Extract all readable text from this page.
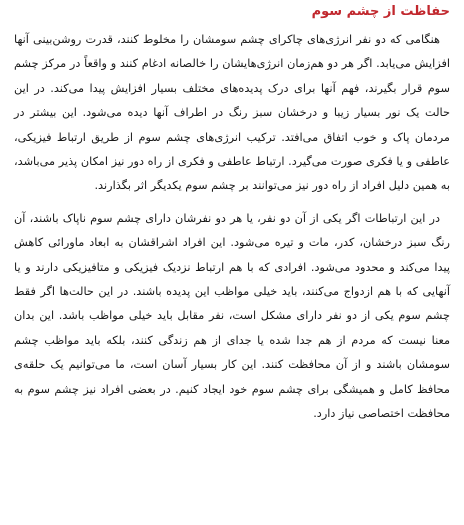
حفاظت از چشم سوم

هنگامی که دو نفر انرژی‌های چاکرای چشم سومشان را مخلوط کنند، قدرت روشن‌بینی آنها افزایش می‌یابد. اگر هر دو هم‌زمان انرژی‌هایشان را خالصانه ادغام کنند و واقعاً در مرکز چشم سوم قرار بگیرند، فهم آنها برای درک پدیده‌های مختلف بسیار افزایش پیدا می‌کند. در این حالت یک نور بسیار زیبا و درخشان سبز رنگ در اطراف آنها دیده می‌شود. این بیشتر در مردمان پاک و خوب اتفاق می‌افتد. ترکیب انرژی‌های چشم سوم از طریق ارتباط فیزیکی، عاطفی و یا فکری صورت می‌گیرد. ارتباط عاطفی و فکری از راه دور نیز امکان پذیر می‌باشد، به همین دلیل افراد از راه دور نیز می‌توانند بر چشم سوم یکدیگر اثر بگذارند.

در این ارتباطات اگر یکی از آن دو نفر، یا هر دو نفرشان دارای چشم سوم ناپاک باشند، آن رنگ سبز درخشان، کدر، مات و تیره می‌شود. این افراد اشراقشان به ابعاد ماورائی کاهش پیدا می‌کند و محدود می‌شود. افرادی که با هم ارتباط نزدیک فیزیکی و متافیزیکی دارند و یا آنهایی که با هم ازدواج می‌کنند، باید خیلی مواظب این پدیده باشند. در این حالت‌ها اگر فقط چشم سوم یکی از دو نفر دارای مشکل است، نفر مقابل باید خیلی مواظب باشد. این بدان معنا نیست که مردم از هم جدا شده یا جدای از هم زندگی کنند، بلکه باید مواظب چشم سومشان باشند و از آن محافظت کنند. این کار بسیار آسان است، ما می‌توانیم یک حلقه‌ی محافظ کامل و همیشگی برای چشم سوم خود ایجاد کنیم. در بعضی افراد نیز چشم سوم به محافظت اختصاصی نیاز دارد.
